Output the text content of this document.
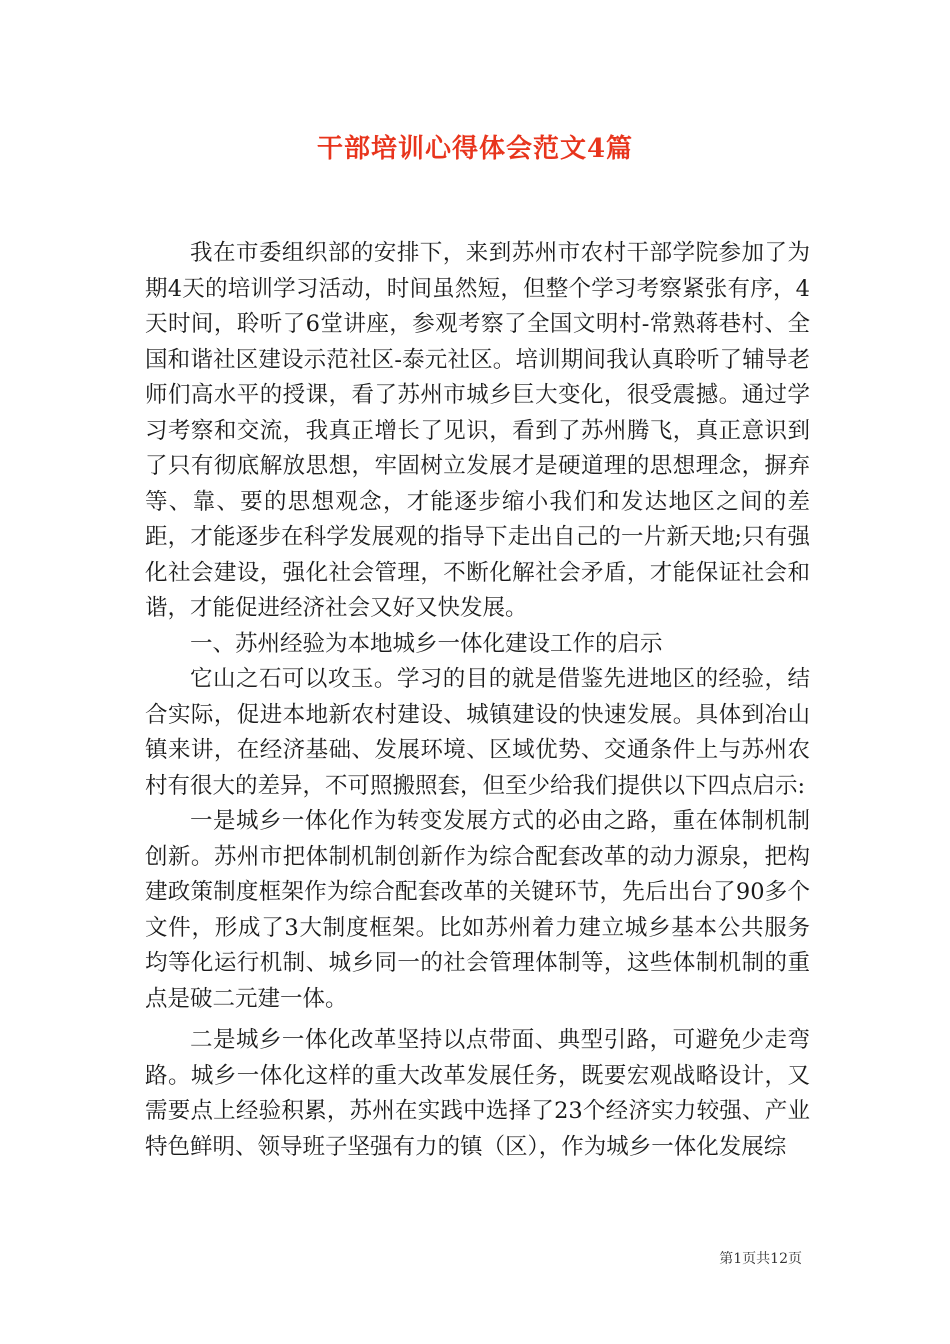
干部培训心得体会范文4篇

我在市委组织部的安排下，来到苏州市农村干部学院参加了为期4天的培训学习活动，时间虽然短，但整个学习考察紧张有序，4天时间，聆听了6堂讲座，参观考察了全国文明村-常熟蒋巷村、全国和谐社区建设示范社区-泰元社区。培训期间我认真聆听了辅导老师们高水平的授课，看了苏州市城乡巨大变化，很受震撼。通过学习考察和交流，我真正增长了见识，看到了苏州腾飞，真正意识到了只有彻底解放思想，牢固树立发展才是硬道理的思想理念，摒弃等、靠、要的思想观念，才能逐步缩小我们和发达地区之间的差距，才能逐步在科学发展观的指导下走出自己的一片新天地;只有强化社会建设，强化社会管理，不断化解社会矛盾，才能保证社会和谐，才能促进经济社会又好又快发展。

一、苏州经验为本地城乡一体化建设工作的启示

它山之石可以攻玉。学习的目的就是借鉴先进地区的经验，结合实际，促进本地新农村建设、城镇建设的快速发展。具体到冶山镇来讲，在经济基础、发展环境、区域优势、交通条件上与苏州农村有很大的差异，不可照搬照套，但至少给我们提供以下四点启示:

一是城乡一体化作为转变发展方式的必由之路，重在体制机制创新。苏州市把体制机制创新作为综合配套改革的动力源泉，把构建政策制度框架作为综合配套改革的关键环节，先后出台了90多个文件，形成了3大制度框架。比如苏州着力建立城乡基本公共服务均等化运行机制、城乡同一的社会管理体制等，这些体制机制的重点是破二元建一体。

二是城乡一体化改革坚持以点带面、典型引路，可避免少走弯路。城乡一体化这样的重大改革发展任务，既要宏观战略设计，又需要点上经验积累，苏州在实践中选择了23个经济实力较强、产业特色鲜明、领导班子坚强有力的镇（区），作为城乡一体化发展综

第1页共12页
